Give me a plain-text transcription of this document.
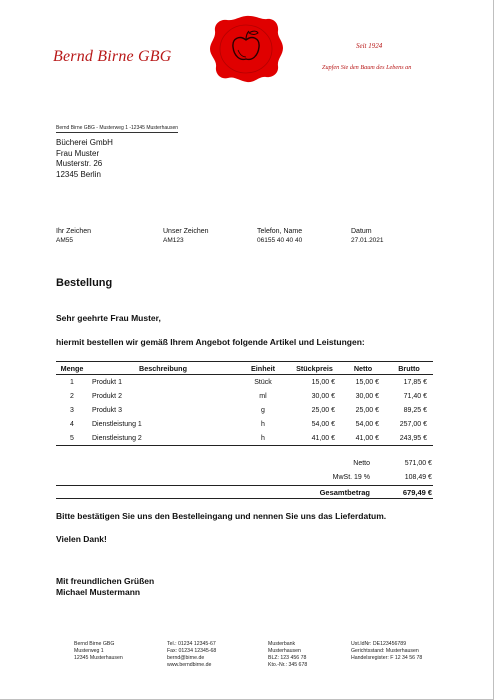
Bernd Birne GBG
Seit 1924
Zupfen Sie den Baum des Lebens an
Bernd Birne GBG - Musterweg 1 -12345 Musterhausen
Bücherei GmbH
Frau Muster
Musterstr. 26
12345 Berlin
Ihr Zeichen
AM55
Unser Zeichen
AM123
Telefon, Name
06155 40 40 40
Datum
27.01.2021
Bestellung
Sehr geehrte Frau Muster,
hiermit bestellen wir gemäß Ihrem Angebot folgende Artikel und Leistungen:
Menge	Beschreibung	Einheit	Stückpreis	Netto	Brutto
1	Produkt 1	Stück	15,00 €	15,00 €	17,85 €
2	Produkt 2	ml	30,00 €	30,00 €	71,40 €
3	Produkt 3	g	25,00 €	25,00 €	89,25 €
4	Dienstleistung 1	h	54,00 €	54,00 €	257,00 €
5	Dienstleistung 2	h	41,00 €	41,00 €	243,95 €
Netto	571,00 €
MwSt. 19 %	108,49 €
Gesamtbetrag	679,49 €
Bitte bestätigen Sie uns den Bestelleingang und nennen Sie uns das Lieferdatum.
Vielen Dank!
Mit freundlichen Grüßen
Michael Mustermann
Bernd Birne GBG
Musterweg 1
12345 Musterhausen
Tel.: 01234 12345-67
Fax: 01234 12345-68
bernd@birne.de
www.berndbirne.de
Musterbank
Musterhausen
BLZ: 123 456 78
Kto.-Nr.: 345 678
Ust.IdNr: DE123456789
Gerichtsstand: Musterhausen
Handelsregister: F 12 34 56 78
